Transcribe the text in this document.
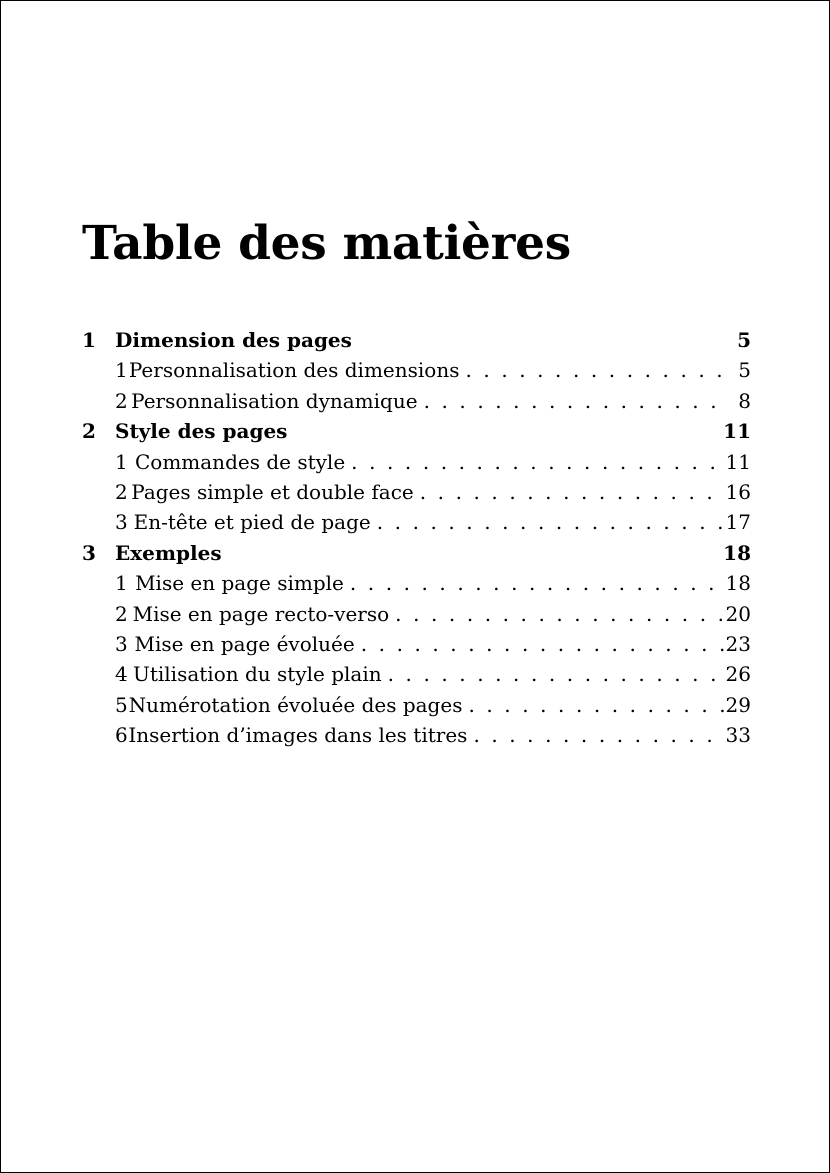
Table des matières
1 Dimension des pages	5
1 Personnalisation des dimensions . . .	5
2 Personnalisation dynamique . . .	8
2 Style des pages	11
1 Commandes de style . . .	11
2 Pages simple et double face . . .	16
3 En-tête et pied de page . . .	17
3 Exemples	18
1 Mise en page simple . . .	18
2 Mise en page recto-verso . . .	20
3 Mise en page évoluée . . .	23
4 Utilisation du style plain . . .	26
5 Numérotation évoluée des pages . . .	29
6 Insertion d’images dans les titres . . .	33
